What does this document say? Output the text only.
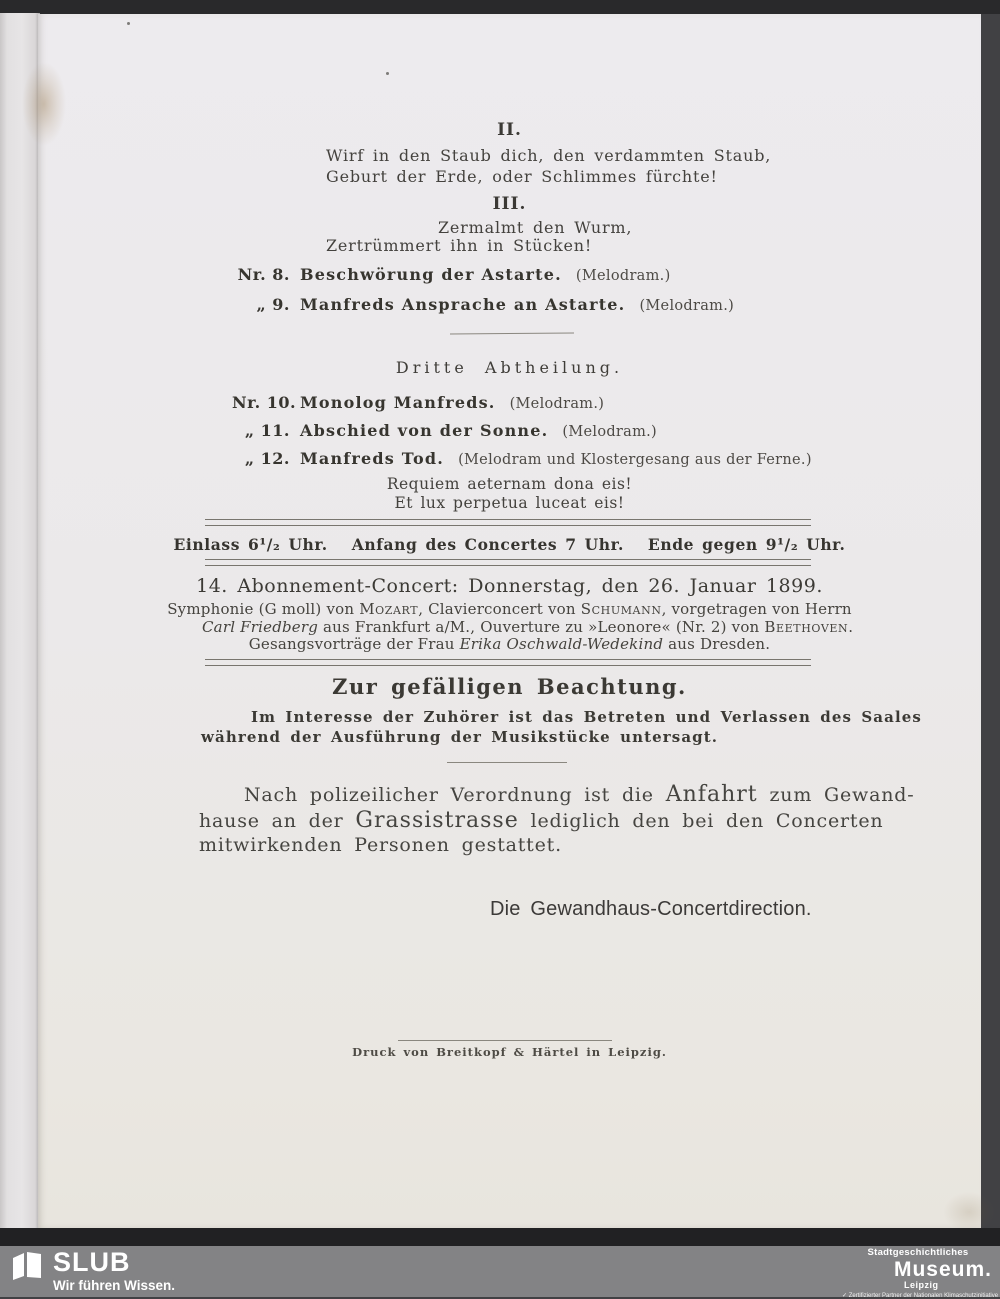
II.
Wirf in den Staub dich, den verdammten Staub,
Geburt der Erde, oder Schlimmes fürchte!
III.
Zermalmt den Wurm,
Zertrümmert ihn in Stücken!
Nr. 8. Beschwörung der Astarte. (Melodram.)
„ 9. Manfreds Ansprache an Astarte. (Melodram.)
Dritte Abtheilung.
Nr. 10. Monolog Manfreds. (Melodram.)
„ 11. Abschied von der Sonne. (Melodram.)
„ 12. Manfreds Tod. (Melodram und Klostergesang aus der Ferne.)
Requiem aeternam dona eis!
Et lux perpetua luceat eis!
Einlass 6¹/₂ Uhr.   Anfang des Concertes 7 Uhr.   Ende gegen 9¹/₂ Uhr.
14. Abonnement-Concert: Donnerstag, den 26. Januar 1899.
Symphonie (G moll) von Mozart, Clavierconcert von Schumann, vorgetragen von Herrn
Carl Friedberg aus Frankfurt a/M., Ouverture zu »Leonore« (Nr. 2) von Beethoven.
Gesangsvorträge der Frau Erika Oschwald-Wedekind aus Dresden.
Zur gefälligen Beachtung.
Im Interesse der Zuhörer ist das Betreten und Verlassen des Saales
während der Ausführung der Musikstücke untersagt.
Nach polizeilicher Verordnung ist die Anfahrt zum Gewand-
hause an der Grassistrasse lediglich den bei den Concerten
mitwirkenden Personen gestattet.
Die Gewandhaus-Concertdirection.
Druck von Breitkopf & Härtel in Leipzig.
SLUB
Wir führen Wissen.
Stadtgeschichtliches
Museum.
Leipzig
✓ Zertifizierter Partner der Nationalen Klimaschutzinitiative
